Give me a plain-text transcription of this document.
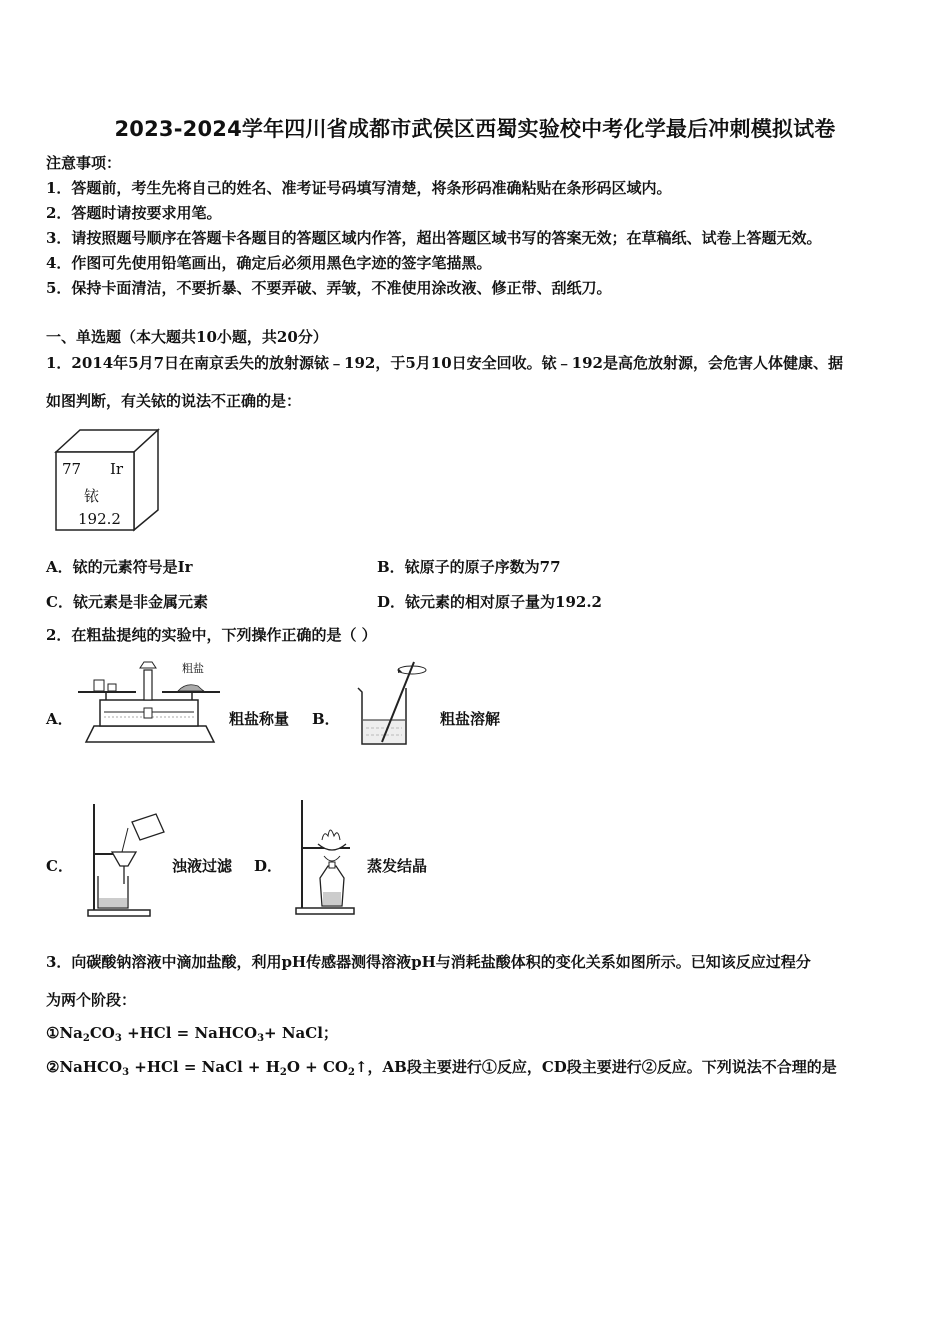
2023-2024学年四川省成都市武侯区西蜀实验校中考化学最后冲刺模拟试卷
注意事项：
1．答题前，考生先将自己的姓名、准考证号码填写清楚，将条形码准确粘贴在条形码区域内。
2．答题时请按要求用笔。
3．请按照题号顺序在答题卡各题目的答题区域内作答，超出答题区域书写的答案无效；在草稿纸、试卷上答题无效。
4．作图可先使用铅笔画出，确定后必须用黑色字迹的签字笔描黑。
5．保持卡面清洁，不要折暴、不要弄破、弄皱，不准使用涂改液、修正带、刮纸刀。
一、单选题（本大题共10小题，共20分）
1．2014年5月7日在南京丢失的放射源铱﹣192，于5月10日安全回收。铱﹣192是高危放射源，会危害人体健康、据
如图判断，有关铱的说法不正确的是：
77 Ir
铱
192.2
A．铱的元素符号是Ir	B．铱原子的原子序数为77
C．铱元素是非金属元素	D．铱元素的相对原子量为192.2
2．在粗盐提纯的实验中，下列操作正确的是（ ）
A．
粗盐
粗盐称量 B．	粗盐溶解
C．	浊液过滤 D．	蒸发结晶
3．向碳酸钠溶液中滴加盐酸，利用pH传感器测得溶液pH与消耗盐酸体积的变化关系如图所示。已知该反应过程分
为两个阶段：
$①Na_2CO_3 +HCl$ = NaHCO$_3$+ NaCl；
②NaHCO$_3$ +HCl = NaCl + $H_2O$ + $CO_2↑$，AB段主要进行①反应，CD段主要进行②反应。下列说法不合理的是
